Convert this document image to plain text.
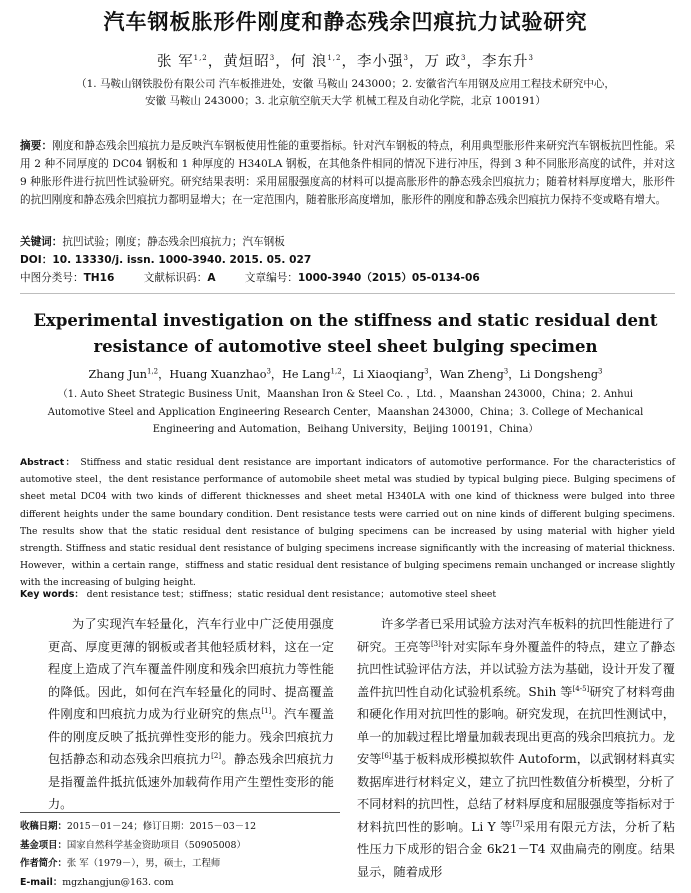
汽车钢板胀形件刚度和静态残余凹痕抗力试验研究
张 军$^{1,2}$，黄烜昭$^3$，何 浪$^{1,2}$，李小强$^3$，万 政$^3$，李东升$^3$
（1. 马鞍山钢铁股份有限公司 汽车板推进处，安徽 马鞍山 243000；2. 安徽省汽车用钢及应用工程技术研究中心，
安徽 马鞍山 243000；3. 北京航空航天大学 机械工程及自动化学院，北京 100191）
摘要：刚度和静态残余凹痕抗力是反映汽车钢板使用性能的重要指标。针对汽车钢板的特点，利用典型胀形件来研究汽车钢板抗凹性能。采用 2 种不同厚度的 DC04 钢板和 1 种厚度的 H340LA 钢板，在其他条件相同的情况下进行冲压，得到 3 种不同胀形高度的试件，并对这 9 种胀形件进行抗凹性试验研究。研究结果表明：采用屈服强度高的材料可以提高胀形件的静态残余凹痕抗力；随着材料厚度增大，胀形件的抗凹刚度和静态残余凹痕抗力都明显增大；在一定范围内，随着胀形高度增加，胀形件的刚度和静态残余凹痕抗力保持不变或略有增大。
关键词：抗凹试验；刚度；静态残余凹痕抗力；汽车钢板
DOI：10. 13330/j. issn. 1000-3940. 2015. 05. 027
中图分类号：TH16	文献标识码：A	文章编号：1000-3940（2015）05-0134-06
Experimental investigation on the stiffness and static residual dent resistance of automotive steel sheet bulging specimen
Zhang Jun$^{1,2}$，Huang Xuanzhao$^3$，He Lang$^{1,2}$，Li Xiaoqiang$^3$，Wan Zheng$^3$，Li Dongsheng$^3$
（1. Auto Sheet Strategic Business Unit，Maanshan Iron & Steel Co. ，Ltd. ，Maanshan 243000，China；2. Anhui Automotive Steel and Application Engineering Research Center，Maanshan 243000，China；3. College of Mechanical Engineering and Automation，Beihang University，Beijing 100191，China）
Abstract： Stiffness and static residual dent resistance are important indicators of automotive performance. For the characteristics of automotive steel，the dent resistance performance of automobile sheet metal was studied by typical bulging piece. Bulging specimens of sheet metal DC04 with two kinds of different thicknesses and sheet metal H340LA with one kind of thickness were bulged into three different heights under the same boundary condition. Dent resistance tests were carried out on nine kinds of different bulging specimens. The results show that the static residual dent resistance of bulging specimens can be increased by using material with higher yield strength. Stiffness and static residual dent resistance of bulging specimens increase significantly with the increasing of material thickness. However，within a certain range，stiffness and static residual dent resistance of bulging specimens remain unchanged or increase slightly with the increasing of bulging height.
Key words： dent resistance test；stiffness；static residual dent resistance；automotive steel sheet
为了实现汽车轻量化，汽车行业中广泛使用强度更高、厚度更薄的钢板或者其他轻质材料，这在一定程度上造成了汽车覆盖件刚度和残余凹痕抗力等性能的降低。因此，如何在汽车轻量化的同时、提高覆盖件刚度和凹痕抗力成为行业研究的焦点[1]。汽车覆盖件的刚度反映了抵抗弹性变形的能力。残余凹痕抗力包括静态和动态残余凹痕抗力[2]。静态残余凹痕抗力是指覆盖件抵抗低速外加载荷作用产生塑性变形的能力。
许多学者已采用试验方法对汽车板料的抗凹性能进行了研究。王亮等[3]针对实际车身外覆盖件的特点，建立了静态抗凹性试验评估方法，并以试验方法为基础，设计开发了覆盖件抗凹性自动化试验机系统。Shih 等[4-5]研究了材料弯曲和硬化作用对抗凹性的影响。研究发现，在抗凹性测试中，单一的加载过程比增量加载表现出更高的残余凹痕抗力。龙安等[6]基于板料成形模拟软件 Autoform，以武钢材料真实数据库进行材料定义，建立了抗凹性数值分析模型，分析了不同材料的抗凹性，总结了材料厚度和屈服强度等指标对于材料抗凹性的影响。Li Y 等[7]采用有限元方法，分析了粘性压力下成形的铝合金 6k21－T4 双曲扁壳的刚度。结果显示，随着成形
收稿日期：2015－01－24；修订日期：2015－03－12
基金项目：国家自然科学基金资助项目（50905008）
作者简介：张 军（1979－），男，硕士，工程师
E-mail：mgzhangjun@163. com
